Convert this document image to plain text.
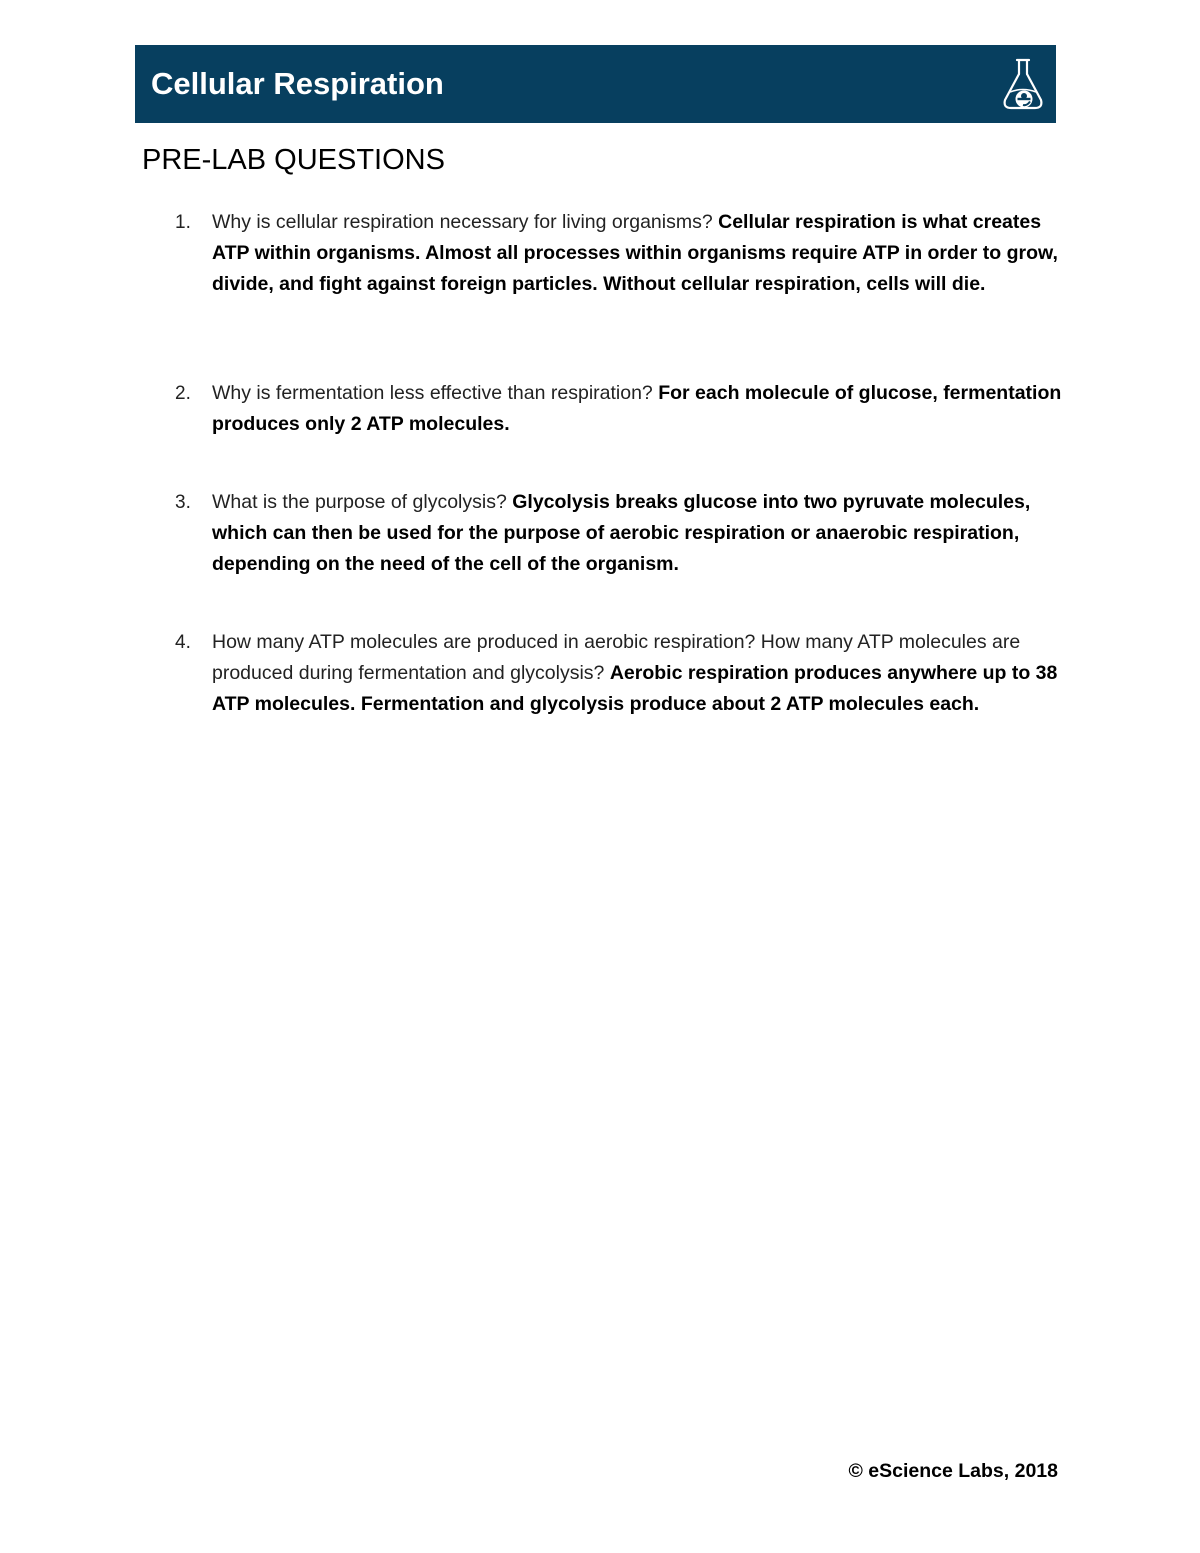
Cellular Respiration
PRE-LAB QUESTIONS
1.	Why is cellular respiration necessary for living organisms? Cellular respiration is what creates ATP within organisms. Almost all processes within organisms require ATP in order to grow, divide, and fight against foreign particles. Without cellular respiration, cells will die.
2.	Why is fermentation less effective than respiration? For each molecule of glucose, fermentation produces only 2 ATP molecules.
3.	What is the purpose of glycolysis? Glycolysis breaks glucose into two pyruvate molecules, which can then be used for the purpose of aerobic respiration or anaerobic respiration, depending on the need of the cell of the organism.
4.	How many ATP molecules are produced in aerobic respiration? How many ATP molecules are produced during fermentation and glycolysis? Aerobic respiration produces anywhere up to 38 ATP molecules. Fermentation and glycolysis produce about 2 ATP molecules each.
© eScience Labs, 2018
